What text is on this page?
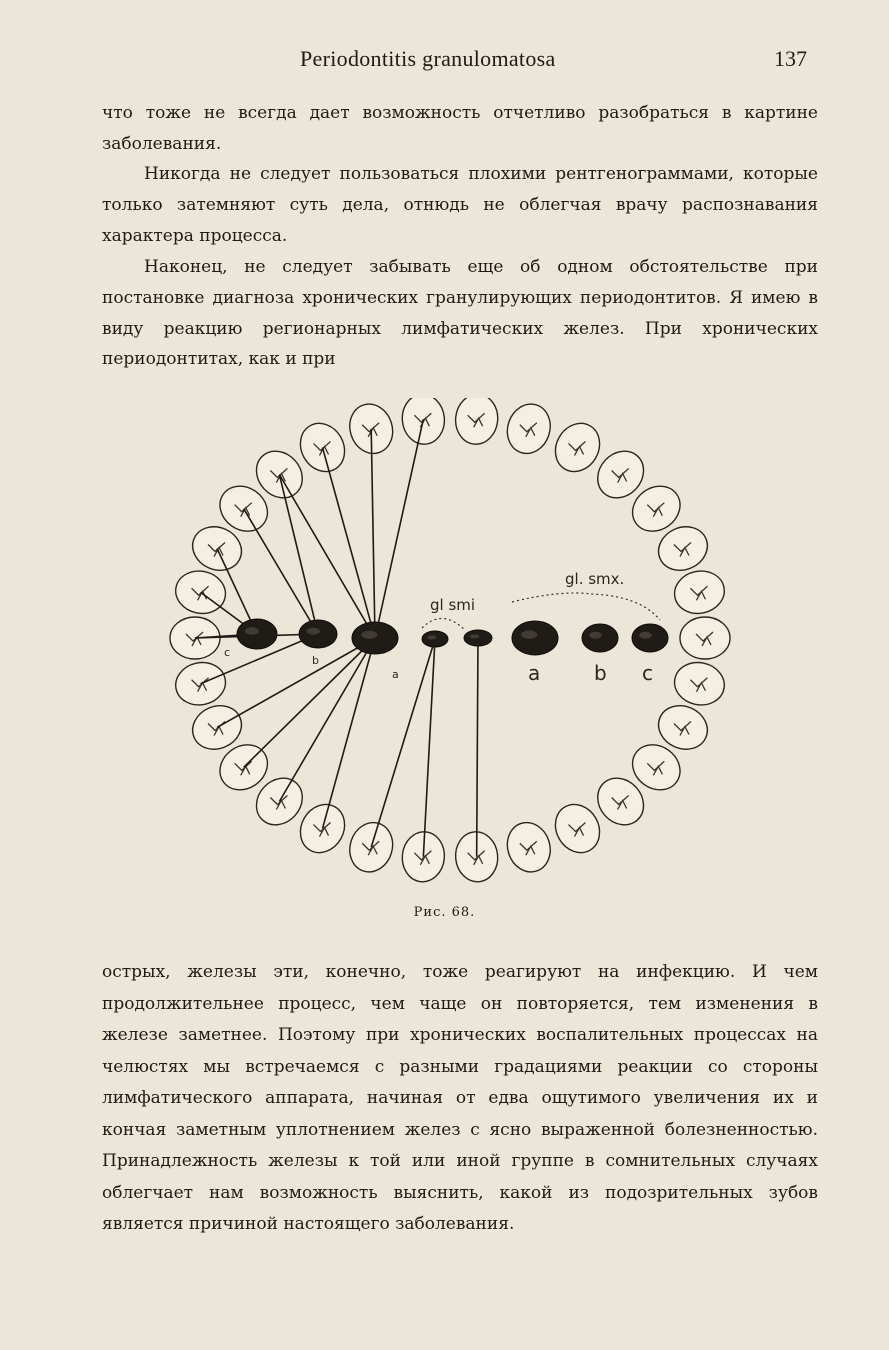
Periodontitis granulomatosa	137

что тоже не всегда дает возможность отчетливо разобраться в картине заболевания.

Никогда не следует пользоваться плохими рентгенограммами, которые только затемняют суть дела, отнюдь не облегчая врачу распознавания характера процесса.

Наконец, не следует забывать еще об одном обстоятельстве при постановке диагноза хронических гранулирующих периодонтитов. Я имею в виду реакцию регионарных лимфатических желез. При хронических периодонтитах, как и при

gl smi
gl. smx.
c
b
a	a	b c
Рис. 68.

острых, железы эти, конечно, тоже реагируют на инфекцию. И чем продолжительнее процесс, чем чаще он повторяется, тем изменения в железе заметнее. Поэтому при хронических воспалительных процессах на челюстях мы встречаемся с разными градациями реакции со стороны лимфатического аппарата, начиная от едва ощутимого увеличения их и кончая заметным уплотнением желез с ясно выраженной болезненностью. Принадлежность железы к той или иной группе в сомнительных случаях облегчает нам возможность выяснить, какой из подозрительных зубов является причиной настоящего заболевания.
